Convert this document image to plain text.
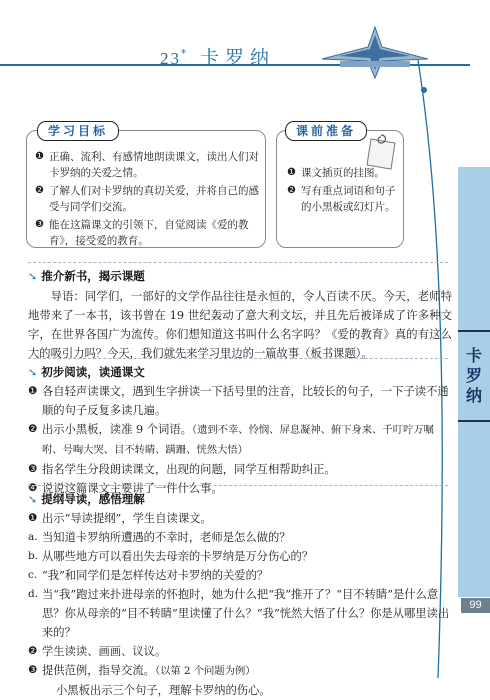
23* 卡罗纳
卡
罗
纳
99
学习目标
❶ 正确、流利、有感情地朗读课文，读出人们对卡罗纳的关爱之情。
❷ 了解人们对卡罗纳的真切关爱，并将自己的感受与同学们交流。
❸ 能在这篇课文的引领下，自觉阅读《爱的教育》，接受爱的教育。
课前准备
❶ 课文插页的挂图。
❷ 写有重点词语和句子的小黑板或幻灯片。
➘ 推介新书，揭示课题

导语：同学们，一部好的文学作品往往是永恒的，令人百读不厌。今天，老师特地带来了一本书，该书曾在 19 世纪轰动了意大利文坛，并且先后被译成了许多种文字，在世界各国广为流传。你们想知道这书叫什么名字吗？《爱的教育》真的有这么大的吸引力吗？今天，我们就先来学习里边的一篇故事（板书课题）。

➘ 初步阅读，读通课文
❶ 各自轻声读课文，遇到生字拼读一下括号里的注音，比较长的句子，一下子读不通顺的句子反复多读几遍。
❷ 出示小黑板，读准 9 个词语。（遗到不幸、怜悯、屏息凝神、俯下身来、千叮咛万嘱咐、号啕大哭、目不转睛、蹒跚、恍然大悟）
❸ 指名学生分段朗读课文，出现的问题，同学互相帮助纠正。
❹ 说说这篇课文主要讲了一件什么事。
➘ 提纲导读，感悟理解
❶ 出示“导读提纲”，学生自读课文。
a. 当知道卡罗纳所遭遇的不幸时，老师是怎么做的？
b. 从哪些地方可以看出失去母亲的卡罗纳是万分伤心的？
c. “我”和同学们是怎样传达对卡罗纳的关爱的？
d. 当“我”跑过来扑进母亲的怀抱时，她为什么把“我”推开了？“目不转睛”是什么意思？你从母亲的“目不转睛”里读懂了什么？“我”恍然大悟了什么？你是从哪里读出来的？
❷ 学生读读、画画、议议。
❸ 提供范例，指导交流。（以第 2 个问题为例）
小黑板出示三个句子，理解卡罗纳的伤心。
